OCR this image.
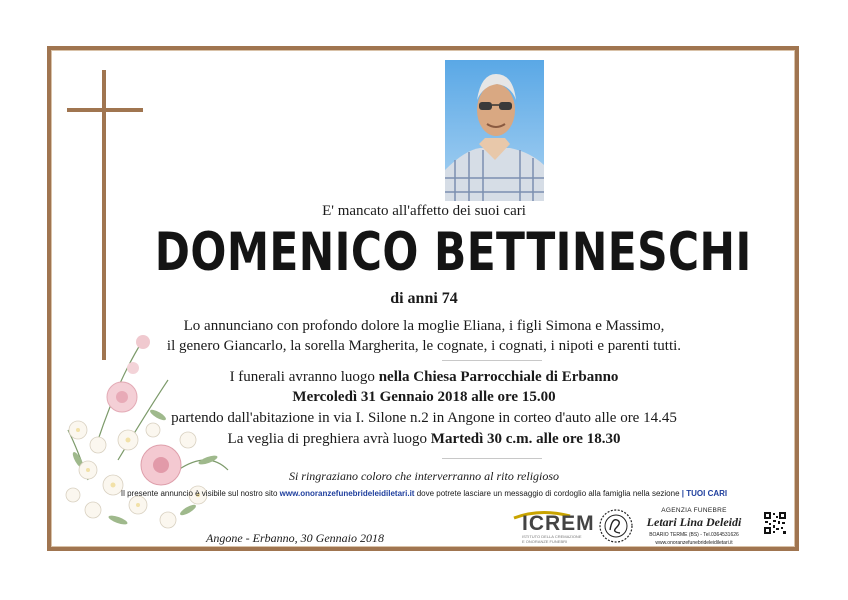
E' mancato all'affetto dei suoi cari
DOMENICO BETTINESCHI
di anni 74
Lo annunciano con profondo dolore la moglie Eliana, i figli Simona e Massimo,
il genero Giancarlo, la sorella Margherita, le cognate, i cognati, i nipoti e parenti tutti.
I funerali avranno luogo nella Chiesa Parrocchiale di Erbanno
Mercoledì 31 Gennaio 2018 alle ore 15.00
partendo dall'abitazione in via I. Silone n.2 in Angone in corteo d'auto alle ore 14.45
La veglia di preghiera avrà luogo Martedì 30 c.m. alle ore 18.30
Si ringraziano coloro che interverranno al rito religioso
Il presente annuncio è visibile sul nostro sito www.onoranzefunebrideleidiletari.it dove potrete lasciare un messaggio di cordoglio alla famiglia nella sezione | TUOI CARI
Angone - Erbanno, 30 Gennaio 2018
ICREM
ISTITUTO DELLA CREMAZIONE E ONORANZE FUNEBRI
AGENZIA FUNEBRE
Letari Lina Deleidi
BOARIO TERME (BS) - Tel.0364531626
www.onoranzefunebrideleidiletari.it
